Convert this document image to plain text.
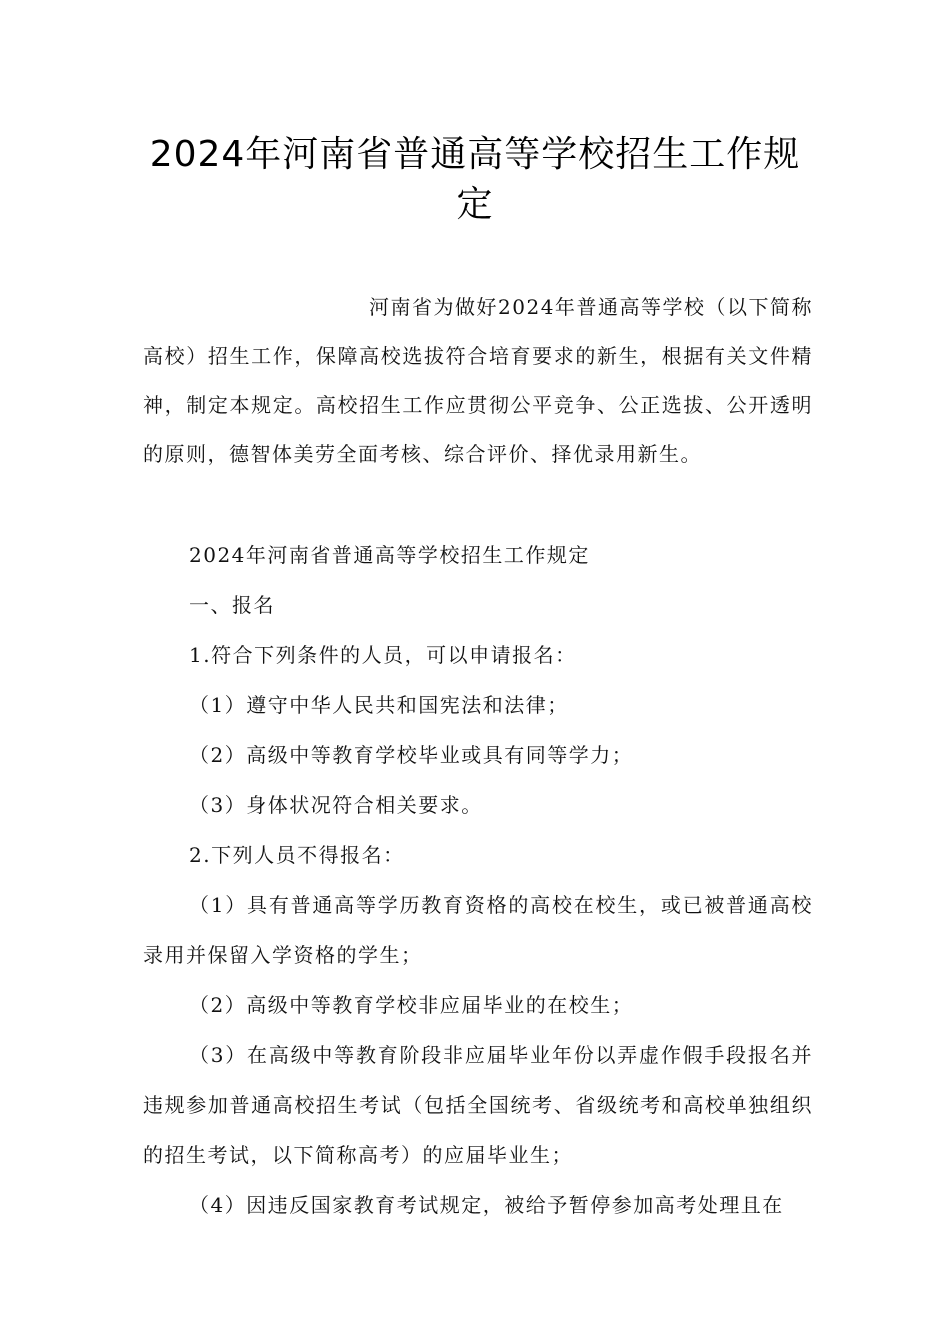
2024年河南省普通高等学校招生工作规
定

河南省为做好2024年普通高等学校（以下简称高校）招生工作，保障高校选拔符合培育要求的新生，根据有关文件精神，制定本规定。高校招生工作应贯彻公平竞争、公正选拔、公开透明的原则，德智体美劳全面考核、综合评价、择优录用新生。

2024年河南省普通高等学校招生工作规定

一、报名

1.符合下列条件的人员，可以申请报名：

（1）遵守中华人民共和国宪法和法律；

（2）高级中等教育学校毕业或具有同等学力；

（3）身体状况符合相关要求。

2.下列人员不得报名：

（1）具有普通高等学历教育资格的高校在校生，或已被普通高校录用并保留入学资格的学生；

（2）高级中等教育学校非应届毕业的在校生；

（3）在高级中等教育阶段非应届毕业年份以弄虚作假手段报名并违规参加普通高校招生考试（包括全国统考、省级统考和高校单独组织的招生考试，以下简称高考）的应届毕业生；

（4）因违反国家教育考试规定，被给予暂停参加高考处理且在
